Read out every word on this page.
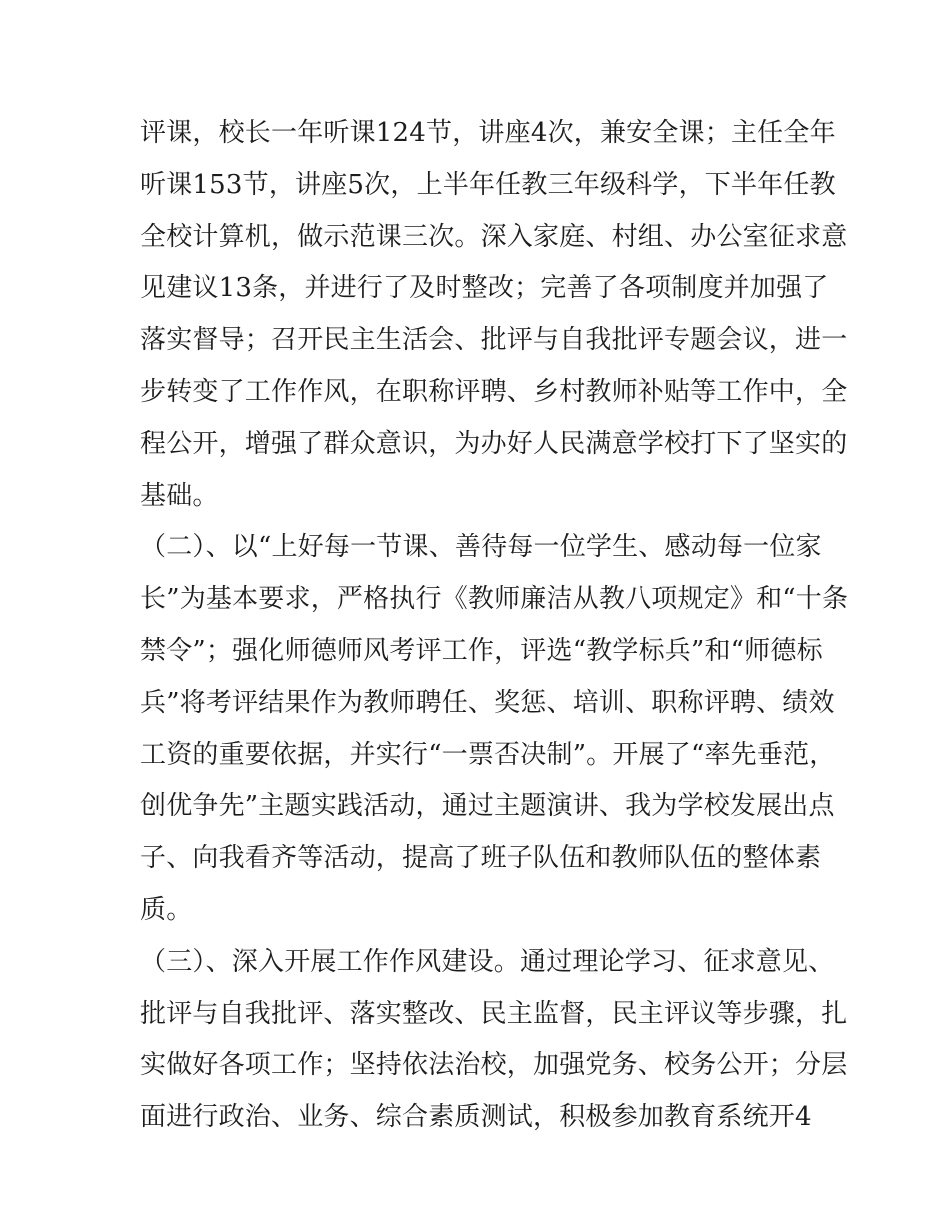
评课，校长一年听课124节，讲座4次，兼安全课；主任全年
听课153节，讲座5次，上半年任教三年级科学，下半年任教
全校计算机，做示范课三次。深入家庭、村组、办公室征求意
见建议13条，并进行了及时整改；完善了各项制度并加强了
落实督导；召开民主生活会、批评与自我批评专题会议，进一
步转变了工作作风，在职称评聘、乡村教师补贴等工作中，全
程公开，增强了群众意识，为办好人民满意学校打下了坚实的
基础。
（二）、以“上好每一节课、善待每一位学生、感动每一位家
长”为基本要求，严格执行《教师廉洁从教八项规定》和“十条
禁令”；强化师德师风考评工作，评选“教学标兵”和“师德标
兵”将考评结果作为教师聘任、奖惩、培训、职称评聘、绩效
工资的重要依据，并实行“一票否决制”。开展了“率先垂范，
创优争先”主题实践活动，通过主题演讲、我为学校发展出点
子、向我看齐等活动，提高了班子队伍和教师队伍的整体素
质。
（三）、深入开展工作作风建设。通过理论学习、征求意见、
批评与自我批评、落实整改、民主监督，民主评议等步骤，扎
实做好各项工作；坚持依法治校，加强党务、校务公开；分层
面进行政治、业务、综合素质测试，积极参加教育系统开4
